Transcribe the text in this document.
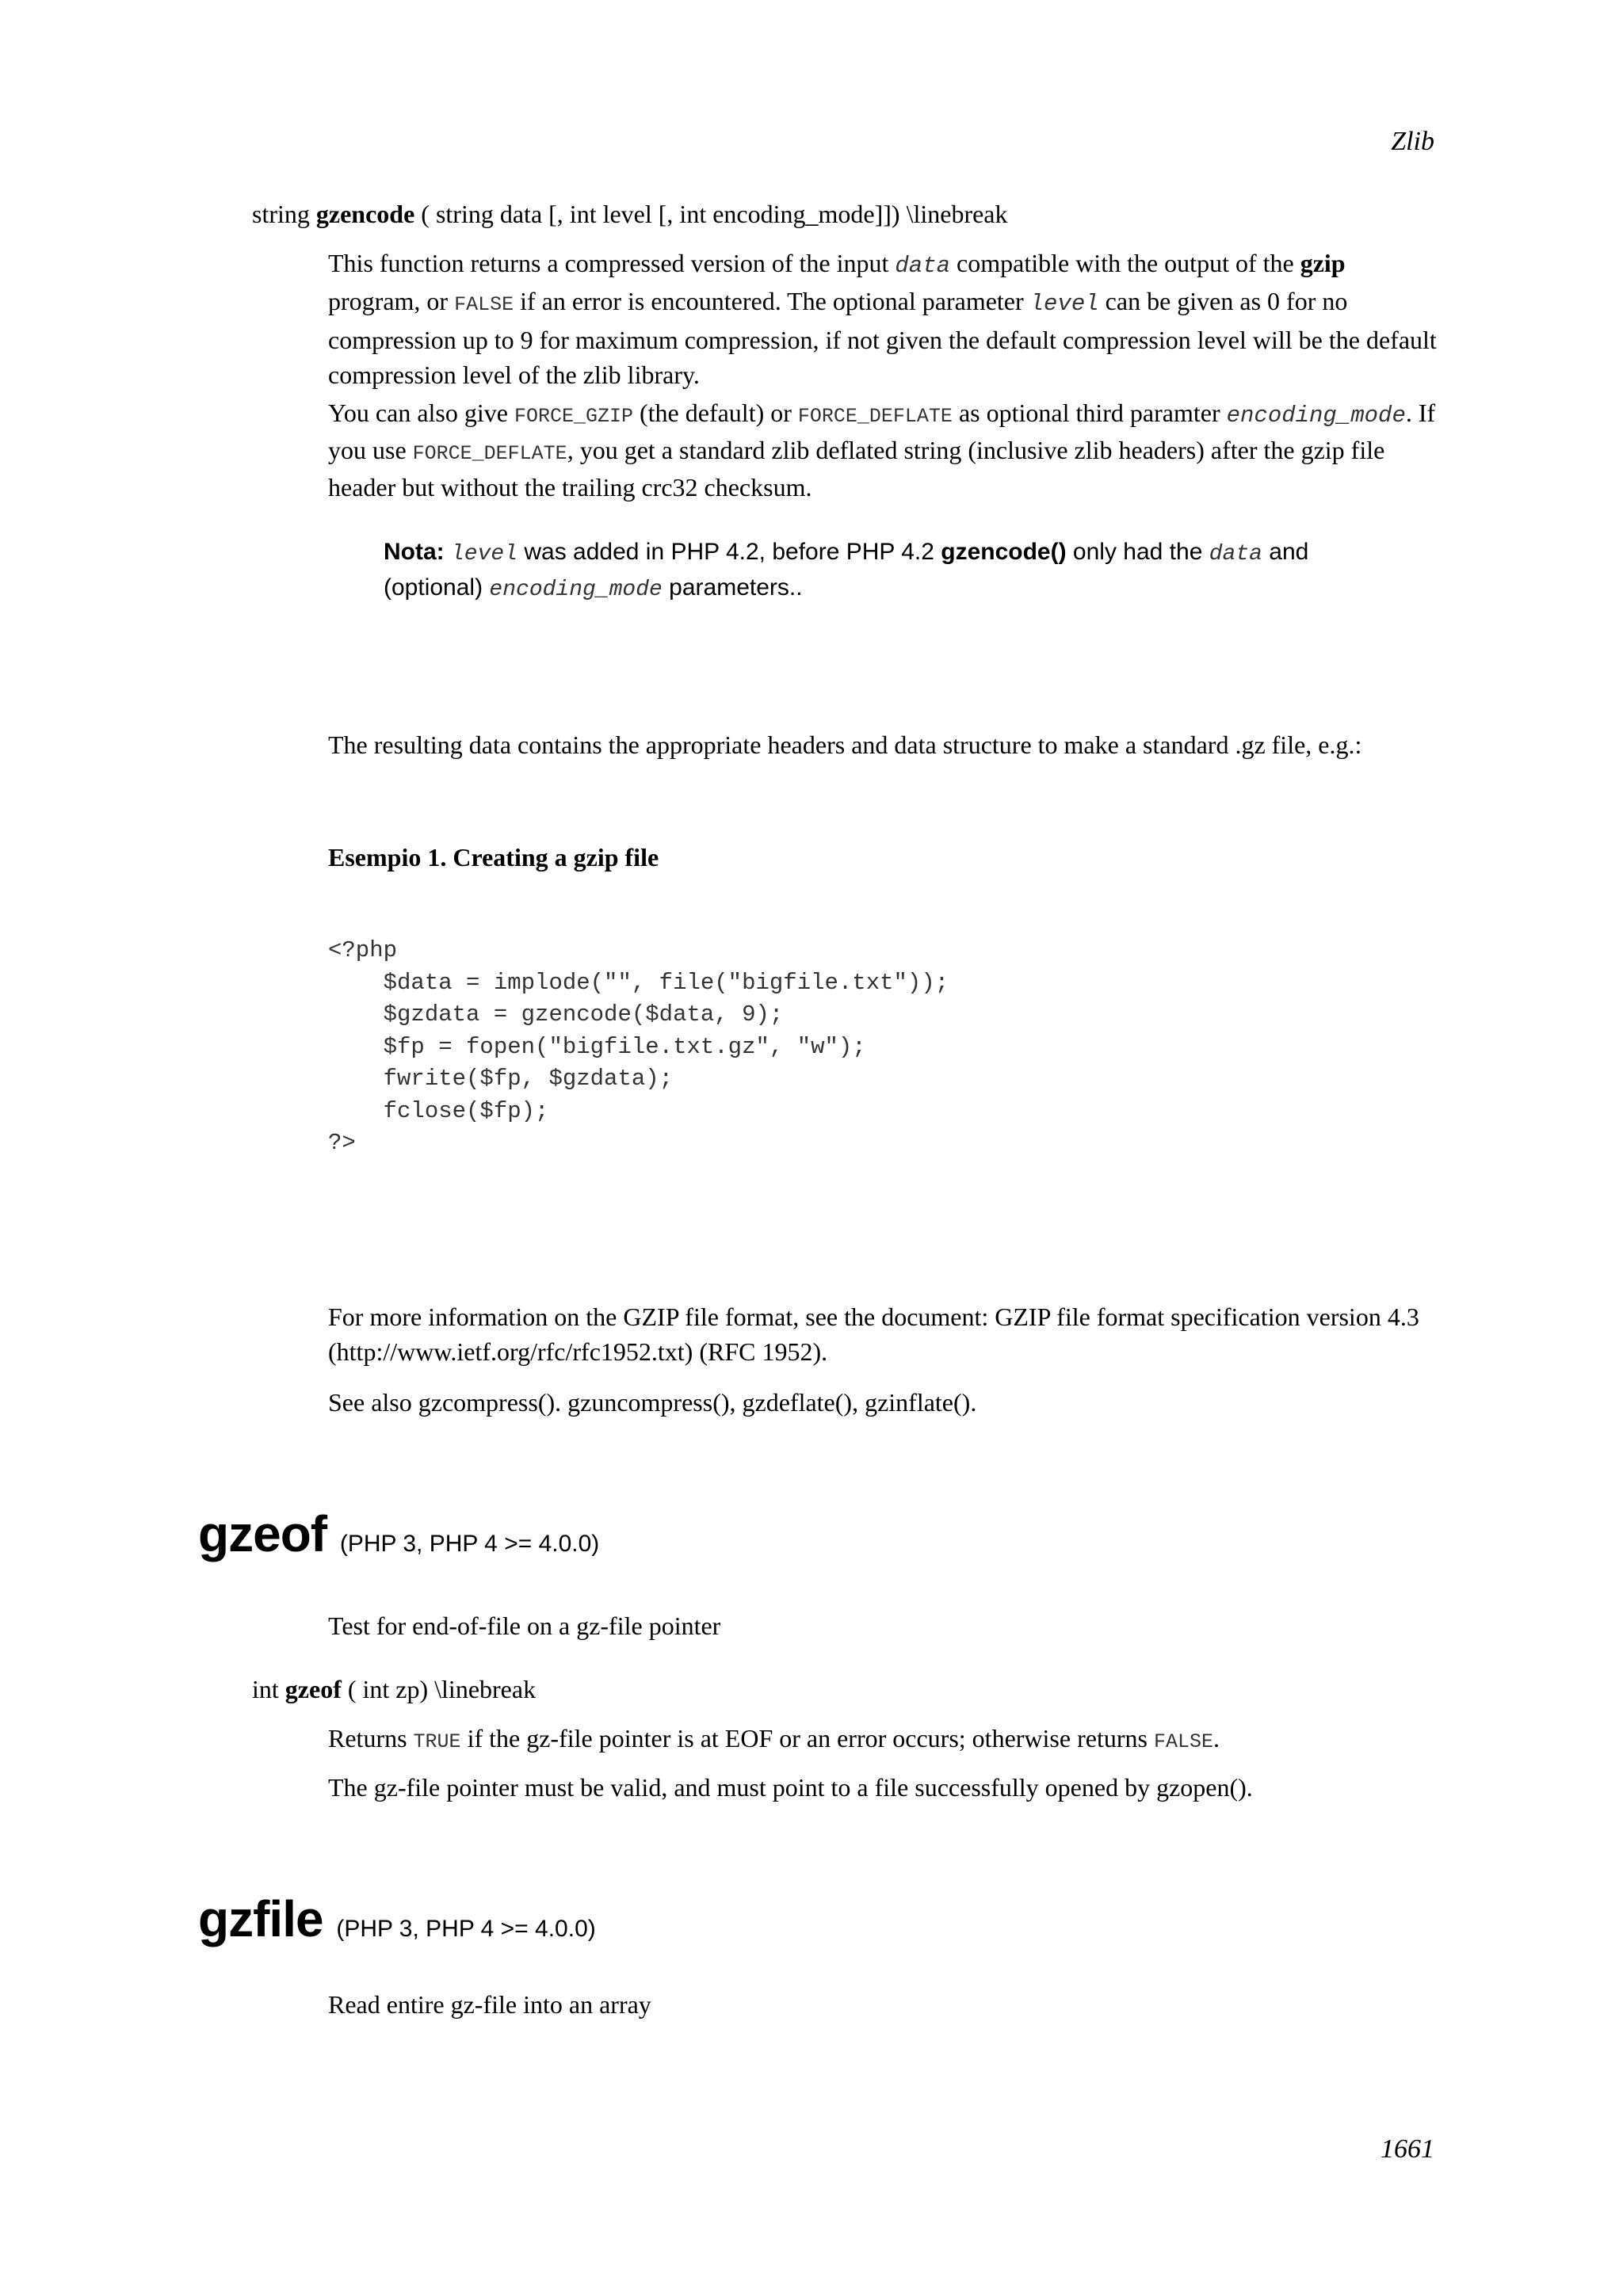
Zlib
string gzencode ( string data [, int level [, int encoding_mode]]) \linebreak
This function returns a compressed version of the input data compatible with the output of the gzip program, or FALSE if an error is encountered. The optional parameter level can be given as 0 for no compression up to 9 for maximum compression, if not given the default compression level will be the default compression level of the zlib library.
You can also give FORCE_GZIP (the default) or FORCE_DEFLATE as optional third paramter encoding_mode. If you use FORCE_DEFLATE, you get a standard zlib deflated string (inclusive zlib headers) after the gzip file header but without the trailing crc32 checksum.
Nota: level was added in PHP 4.2, before PHP 4.2 gzencode() only had the data and (optional) encoding_mode parameters..
The resulting data contains the appropriate headers and data structure to make a standard .gz file, e.g.:
Esempio 1. Creating a gzip file
<?php
$data = implode("", file("bigfile.txt"));
$gzdata = gzencode($data, 9);
$fp = fopen("bigfile.txt.gz", "w");
fwrite($fp, $gzdata);
fclose($fp);
?>
For more information on the GZIP file format, see the document: GZIP file format specification version 4.3 (http://www.ietf.org/rfc/rfc1952.txt) (RFC 1952).
See also gzcompress(). gzuncompress(), gzdeflate(), gzinflate().
gzeof (PHP 3, PHP 4 >= 4.0.0)
Test for end-of-file on a gz-file pointer
int gzeof ( int zp) \linebreak
Returns TRUE if the gz-file pointer is at EOF or an error occurs; otherwise returns FALSE.
The gz-file pointer must be valid, and must point to a file successfully opened by gzopen().
gzfile (PHP 3, PHP 4 >= 4.0.0)
Read entire gz-file into an array
1661
